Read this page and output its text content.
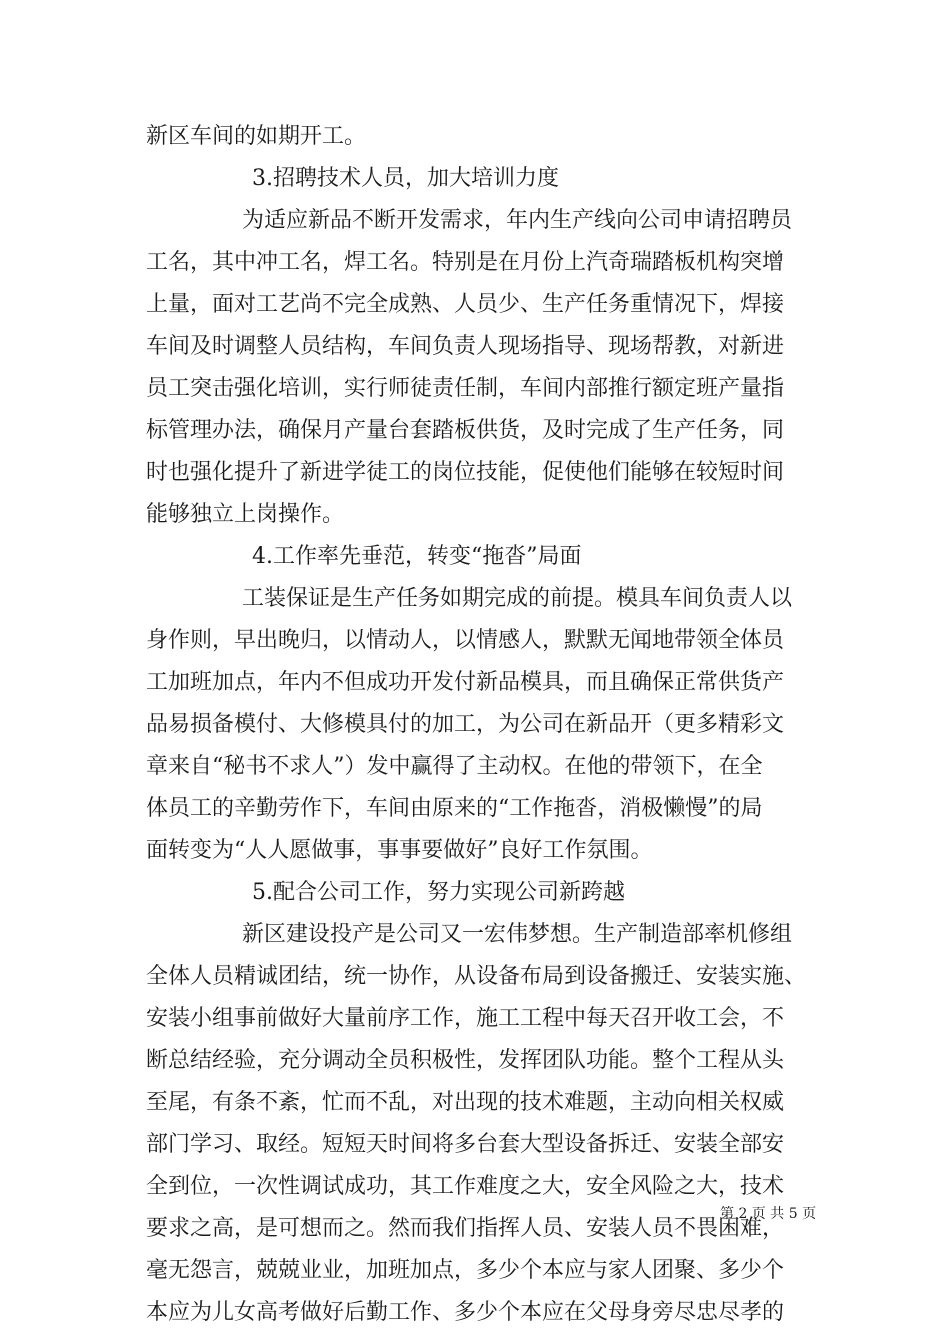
新区车间的如期开工。
3.招聘技术人员，加大培训力度
为适应新品不断开发需求，年内生产线向公司申请招聘员
工名，其中冲工名，焊工名。特别是在月份上汽奇瑞踏板机构突增
上量，面对工艺尚不完全成熟、人员少、生产任务重情况下，焊接
车间及时调整人员结构，车间负责人现场指导、现场帮教，对新进
员工突击强化培训，实行师徒责任制，车间内部推行额定班产量指
标管理办法，确保月产量台套踏板供货，及时完成了生产任务，同
时也强化提升了新进学徒工的岗位技能，促使他们能够在较短时间
能够独立上岗操作。
4.工作率先垂范，转变“拖沓”局面
工装保证是生产任务如期完成的前提。模具车间负责人以
身作则，早出晚归，以情动人，以情感人，默默无闻地带领全体员
工加班加点，年内不但成功开发付新品模具，而且确保正常供货产
品易损备模付、大修模具付的加工，为公司在新品开（更多精彩文
章来自“秘书不求人”）发中赢得了主动权。在他的带领下，在全
体员工的辛勤劳作下，车间由原来的“工作拖沓，消极懒慢”的局
面转变为“人人愿做事，事事要做好”良好工作氛围。
5.配合公司工作，努力实现公司新跨越
新区建设投产是公司又一宏伟梦想。生产制造部率机修组
全体人员精诚团结，统一协作，从设备布局到设备搬迁、安装实施、
安装小组事前做好大量前序工作，施工工程中每天召开收工会，不
断总结经验，充分调动全员积极性，发挥团队功能。整个工程从头
至尾，有条不紊，忙而不乱，对出现的技术难题，主动向相关权威
部门学习、取经。短短天时间将多台套大型设备拆迁、安装全部安
全到位，一次性调试成功，其工作难度之大，安全风险之大，技术
要求之高，是可想而之。然而我们指挥人员、安装人员不畏困难，
毫无怨言，兢兢业业，加班加点，多少个本应与家人团聚、多少个
本应为儿女高考做好后勤工作、多少个本应在父母身旁尽忠尽孝的
第 2 页 共 5 页
